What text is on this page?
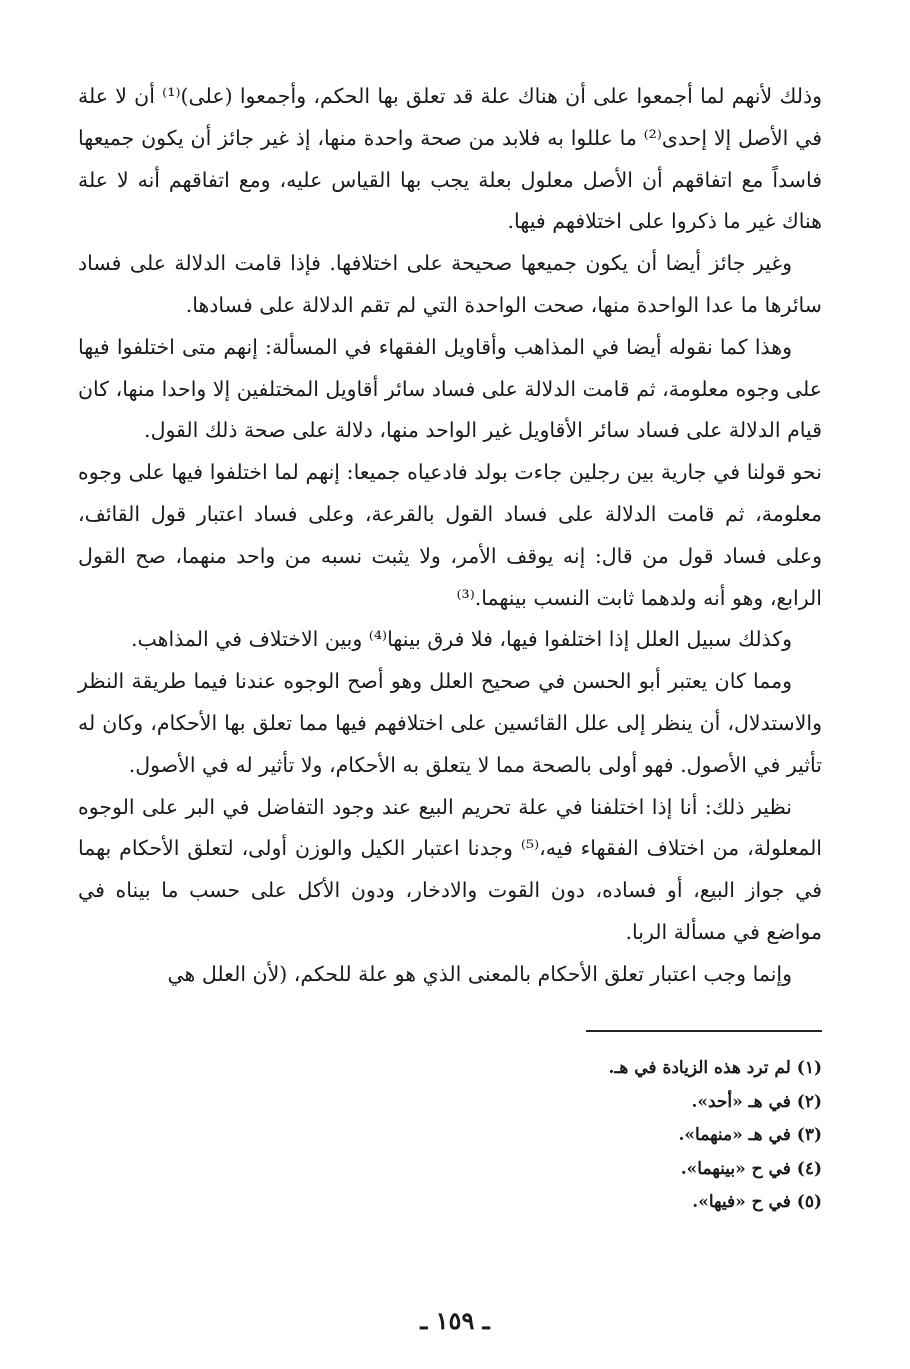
وذلك لأنهم لما أجمعوا على أن هناك علة قد تعلق بها الحكم، وأجمعوا (على)⁽¹⁾ أن لا علة في الأصل إلا إحدى⁽²⁾ ما عللوا به فلابد من صحة واحدة منها، إذ غير جائز أن يكون جميعها فاسداً مع اتفاقهم أن الأصل معلول بعلة يجب بها القياس عليه، ومع اتفاقهم أنه لا علة هناك غير ما ذكروا على اختلافهم فيها.

وغير جائز أيضا أن يكون جميعها صحيحة على اختلافها. فإذا قامت الدلالة على فساد سائرها ما عدا الواحدة منها، صحت الواحدة التي لم تقم الدلالة على فسادها.

وهذا كما نقوله أيضا في المذاهب وأقاويل الفقهاء في المسألة: إنهم متى اختلفوا فيها على وجوه معلومة، ثم قامت الدلالة على فساد سائر أقاويل المختلفين إلا واحدا منها، كان قيام الدلالة على فساد سائر الأقاويل غير الواحد منها، دلالة على صحة ذلك القول.

نحو قولنا في جارية بين رجلين جاءت بولد فادعياه جميعا: إنهم لما اختلفوا فيها على وجوه معلومة، ثم قامت الدلالة على فساد القول بالقرعة، وعلى فساد اعتبار قول القائف، وعلى فساد قول من قال: إنه يوقف الأمر، ولا يثبت نسبه من واحد منهما، صح القول الرابع، وهو أنه ولدهما ثابت النسب بينهما.⁽³⁾

وكذلك سبيل العلل إذا اختلفوا فيها، فلا فرق بينها⁽⁴⁾ وبين الاختلاف في المذاهب.

ومما كان يعتبر أبو الحسن في صحيح العلل وهو أصح الوجوه عندنا فيما طريقة النظر والاستدلال، أن ينظر إلى علل القائسين على اختلافهم فيها مما تعلق بها الأحكام، وكان له تأثير في الأصول. فهو أولى بالصحة مما لا يتعلق به الأحكام، ولا تأثير له في الأصول.

نظير ذلك: أنا إذا اختلفنا في علة تحريم البيع عند وجود التفاضل في البر على الوجوه المعلولة، من اختلاف الفقهاء فيه،⁽⁵⁾ وجدنا اعتبار الكيل والوزن أولى، لتعلق الأحكام بهما في جواز البيع، أو فساده، دون القوت والادخار، ودون الأكل على حسب ما بيناه في مواضع في مسألة الربا.

وإنما وجب اعتبار تعلق الأحكام بالمعنى الذي هو علة للحكم، (لأن العلل هي

(١) لم ترد هذه الزيادة في هـ.
(٢) في هـ «أحد».
(٣) في هـ «منهما».
(٤) في ح «بينهما».
(٥) في ح «فيها».
ـ ١٥٩ ـ
